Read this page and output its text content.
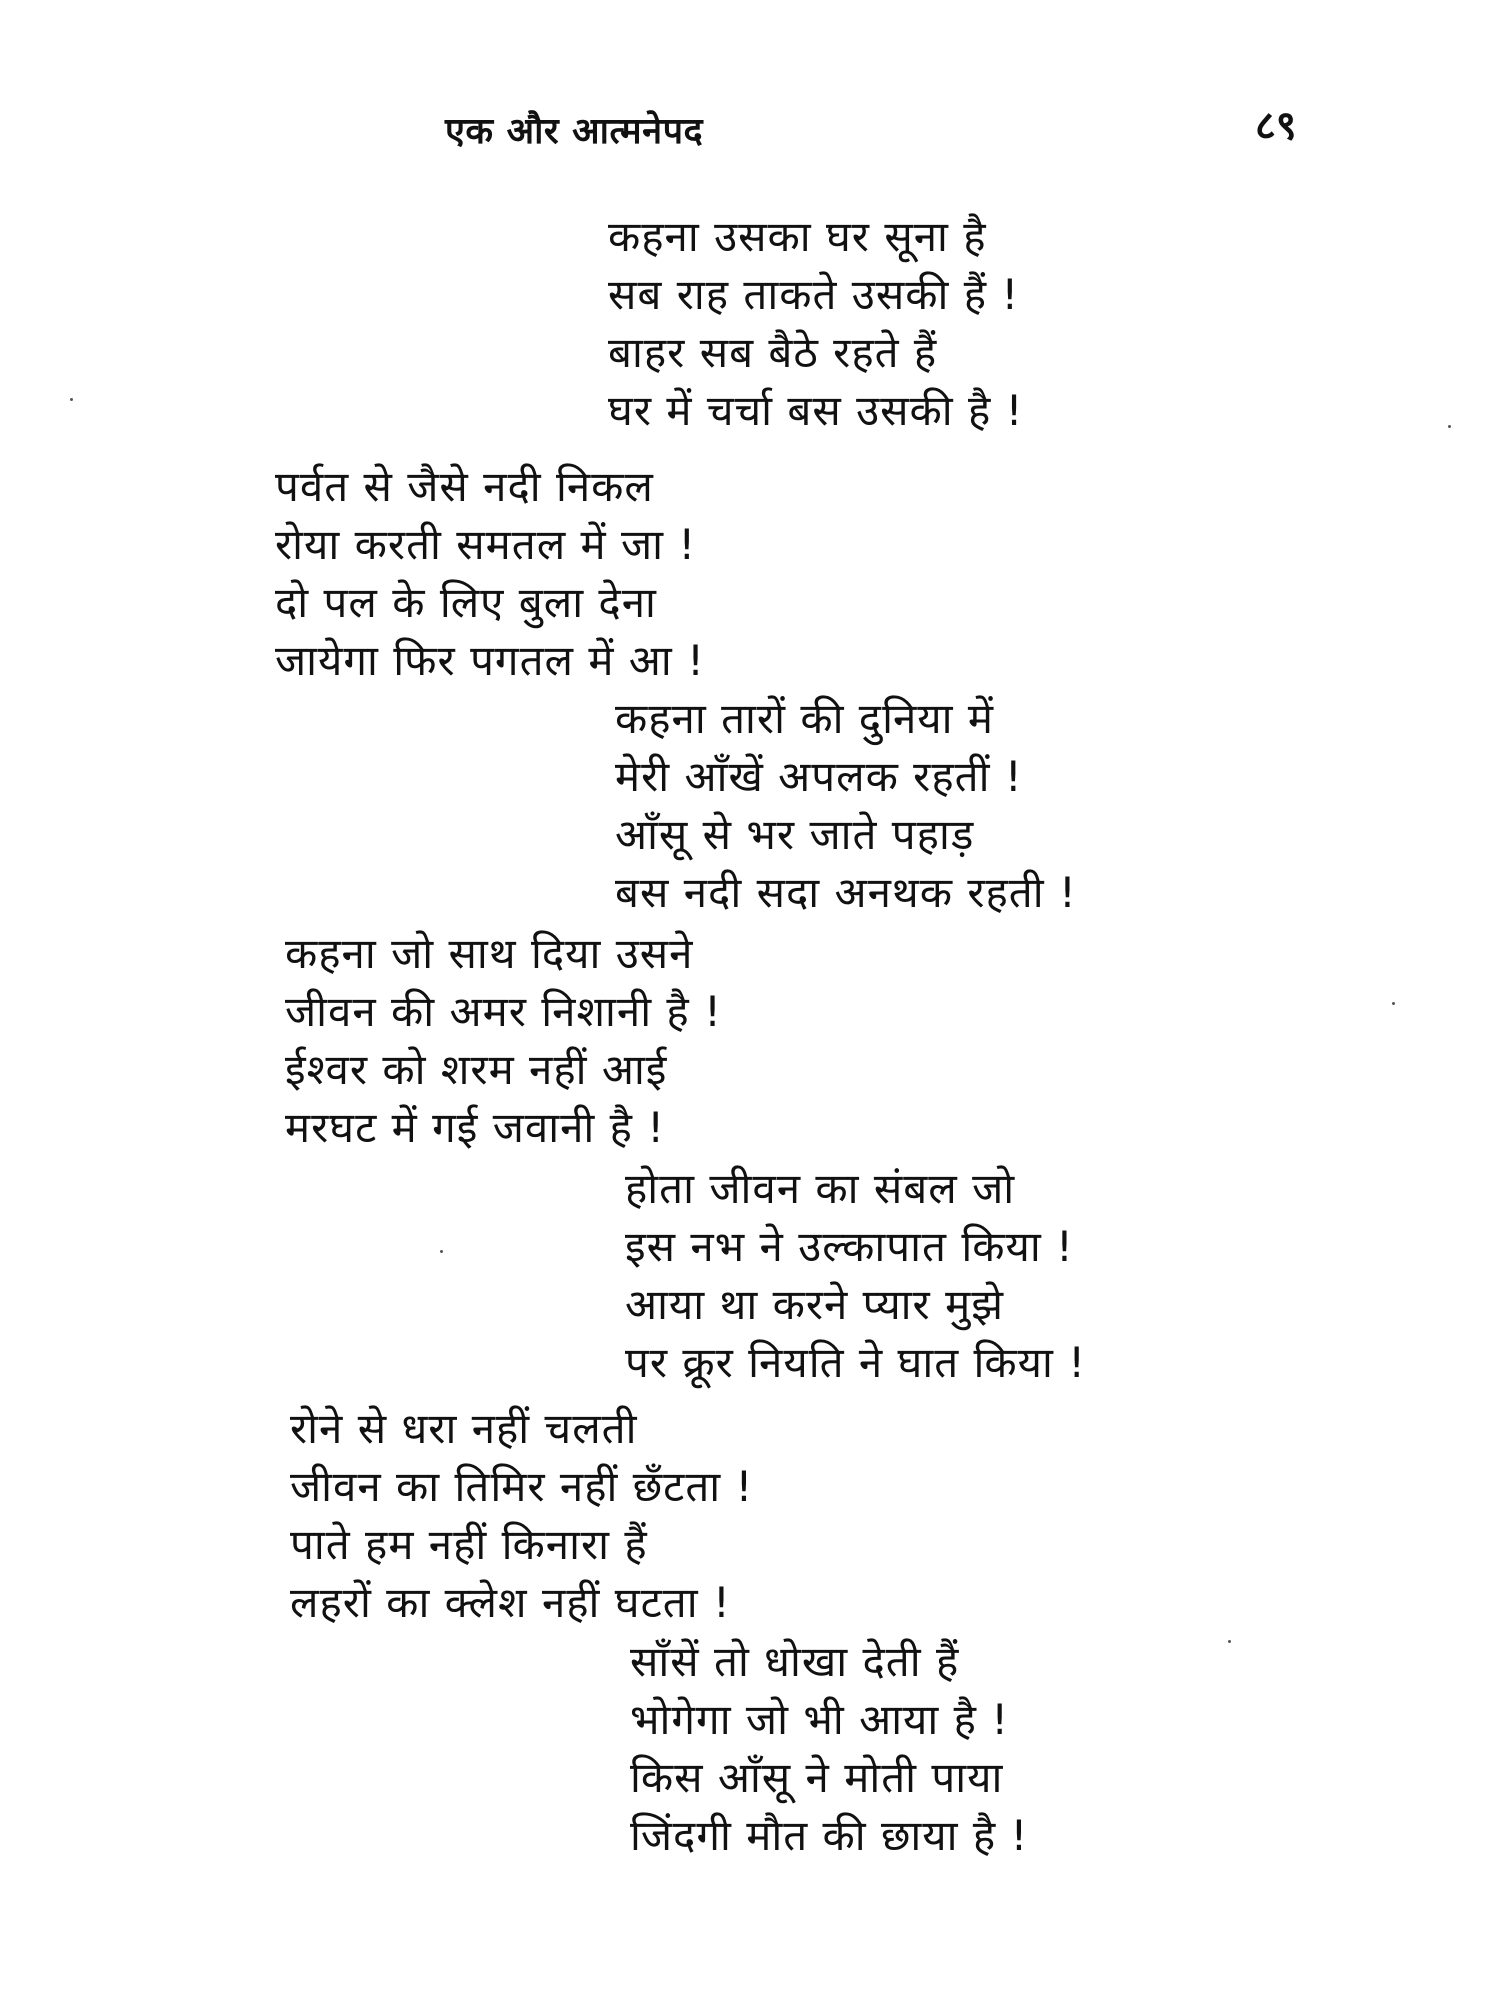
एक और आत्मनेपद	८९
कहना उसका घर सूना है
सब राह ताकते उसकी हैं !
बाहर सब बैठे रहते हैं
घर में चर्चा बस उसकी है !
पर्वत से जैसे नदी निकल
रोया करती समतल में जा !
दो पल के लिए बुला देना
जायेगा फिर पगतल में आ !
कहना तारों की दुनिया में
मेरी आँखें अपलक रहतीं !
आँसू से भर जाते पहाड़
बस नदी सदा अनथक रहती !
कहना जो साथ दिया उसने
जीवन की अमर निशानी है !
ईश्वर को शरम नहीं आई
मरघट में गई जवानी है !
होता जीवन का संबल जो
इस नभ ने उल्कापात किया !
आया था करने प्यार मुझे
पर क्रूर नियति ने घात किया !
रोने से धरा नहीं चलती
जीवन का तिमिर नहीं छँटता !
पाते हम नहीं किनारा हैं
लहरों का क्लेश नहीं घटता !
साँसें तो धोखा देती हैं
भोगेगा जो भी आया है !
किस आँसू ने मोती पाया
जिंदगी मौत की छाया है !
